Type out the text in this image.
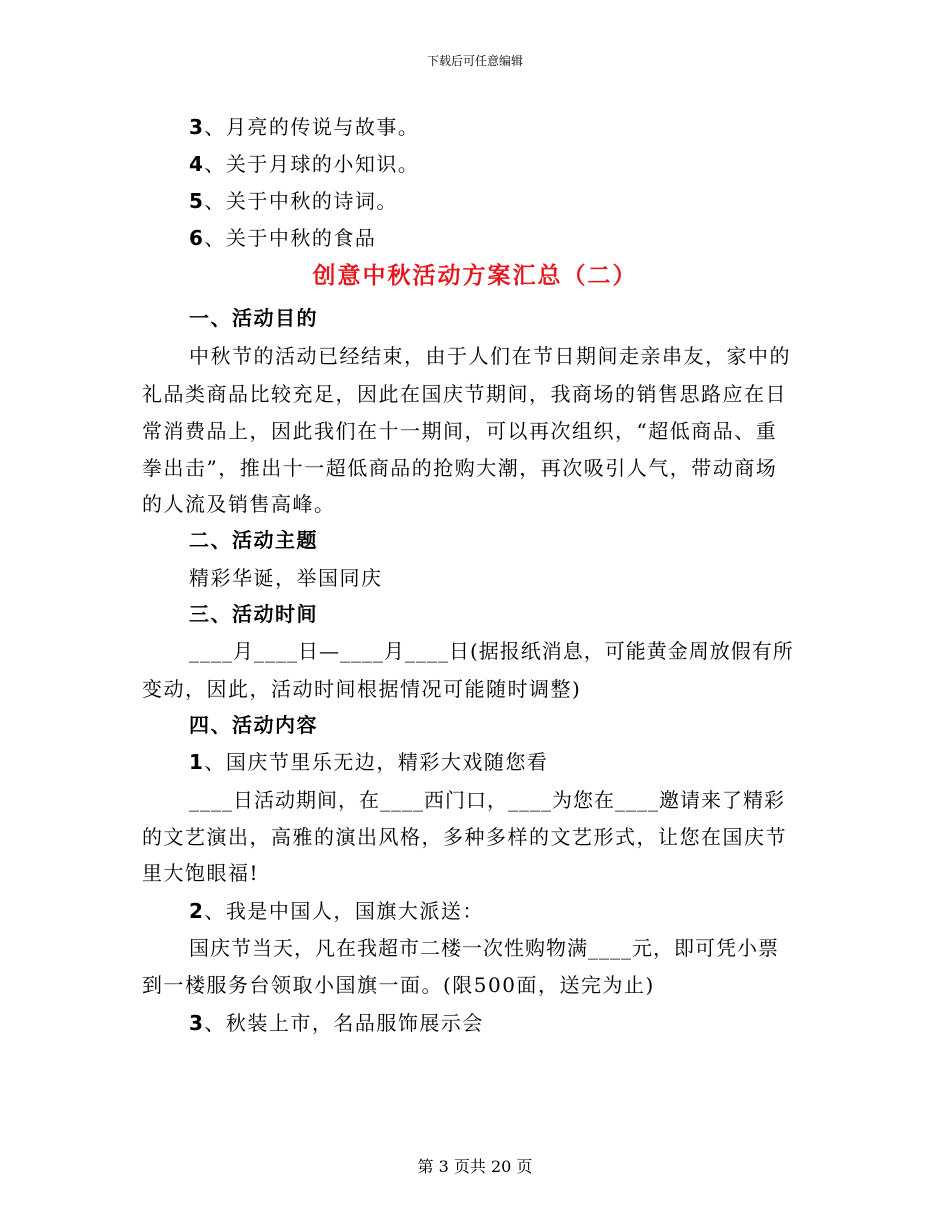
下载后可任意编辑
3、月亮的传说与故事。
4、关于月球的小知识。
5、关于中秋的诗词。
6、关于中秋的食品
创意中秋活动方案汇总（二）
一、活动目的
中秋节的活动已经结束，由于人们在节日期间走亲串友，家中的
礼品类商品比较充足，因此在国庆节期间，我商场的销售思路应在日
常消费品上，因此我们在十一期间，可以再次组织，“超低商品、重
拳出击”，推出十一超低商品的抢购大潮，再次吸引人气，带动商场
的人流及销售高峰。
二、活动主题
精彩华诞，举国同庆
三、活动时间
____月____日—____月____日(据报纸消息，可能黄金周放假有所
变动，因此，活动时间根据情况可能随时调整)
四、活动内容
1、国庆节里乐无边，精彩大戏随您看
____日活动期间，在____西门口，____为您在____邀请来了精彩
的文艺演出，高雅的演出风格，多种多样的文艺形式，让您在国庆节
里大饱眼福!
2、我是中国人，国旗大派送：
国庆节当天，凡在我超市二楼一次性购物满____元，即可凭小票
到一楼服务台领取小国旗一面。(限500面，送完为止)
3、秋装上市，名品服饰展示会
第 3 页共 20 页
